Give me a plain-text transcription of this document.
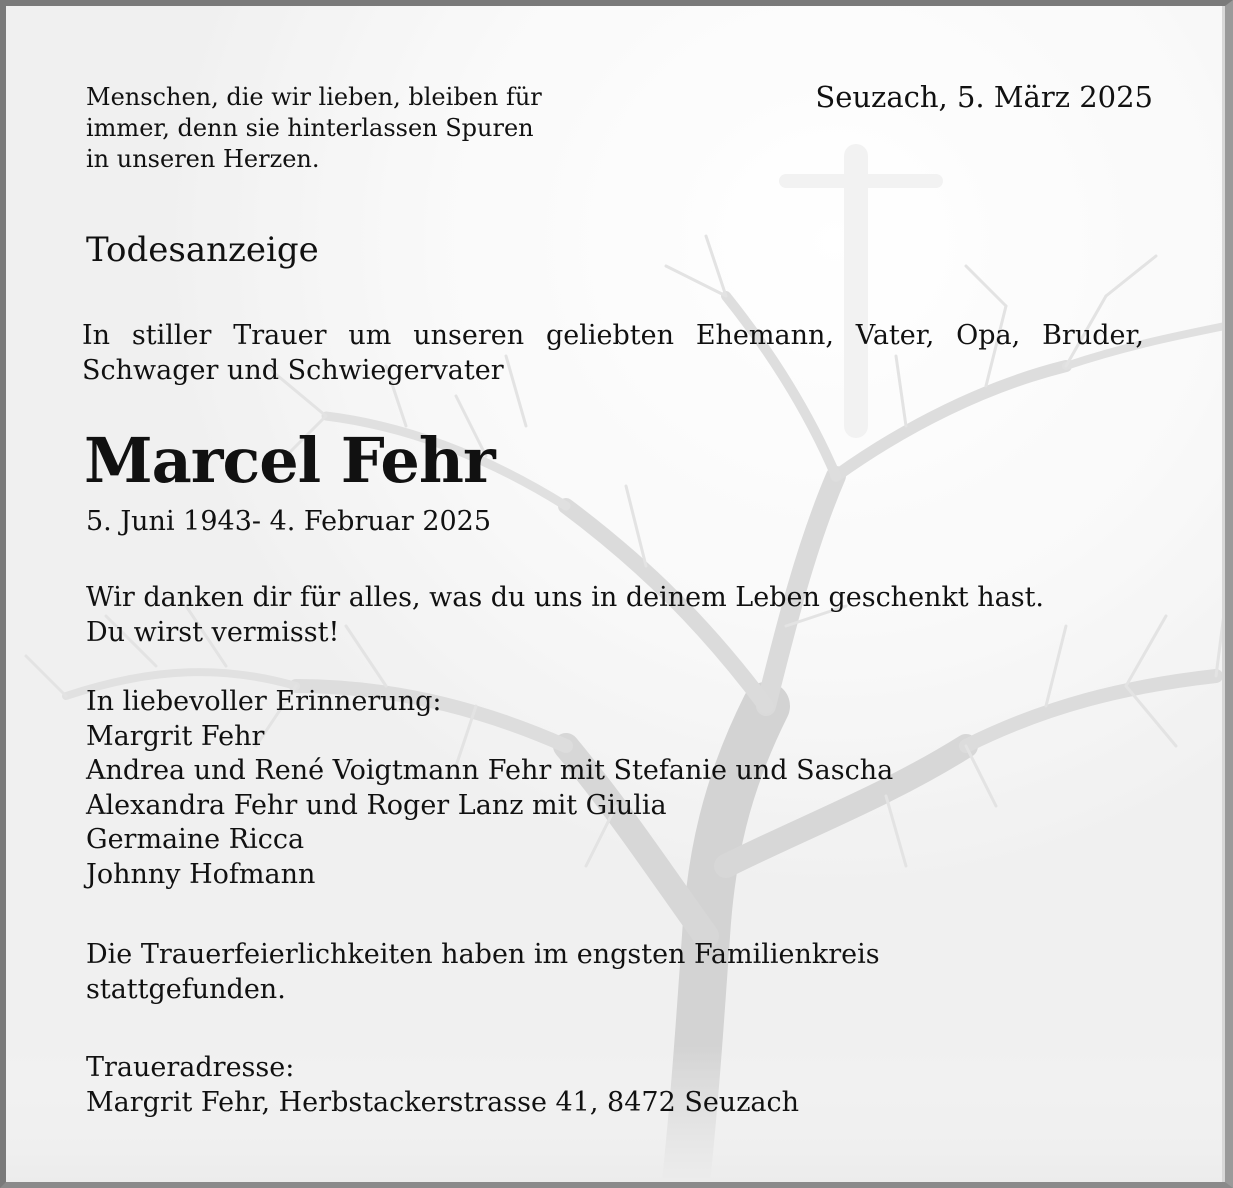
Menschen, die wir lieben, bleiben für
immer, denn sie hinterlassen Spuren
in unseren Herzen.
Seuzach, 5. März 2025
Todesanzeige
In stiller Trauer um unseren geliebten Ehemann, Vater, Opa, Bruder,
Schwager und Schwiegervater
Marcel Fehr
5. Juni 1943- 4. Februar 2025
Wir danken dir für alles, was du uns in deinem Leben geschenkt hast.
Du wirst vermisst!
In liebevoller Erinnerung:
Margrit Fehr
Andrea und René Voigtmann Fehr mit Stefanie und Sascha
Alexandra Fehr und Roger Lanz mit Giulia
Germaine Ricca
Johnny Hofmann
Die Trauerfeierlichkeiten haben im engsten Familienkreis
stattgefunden.
Traueradresse:
Margrit Fehr, Herbstackerstrasse 41, 8472 Seuzach
